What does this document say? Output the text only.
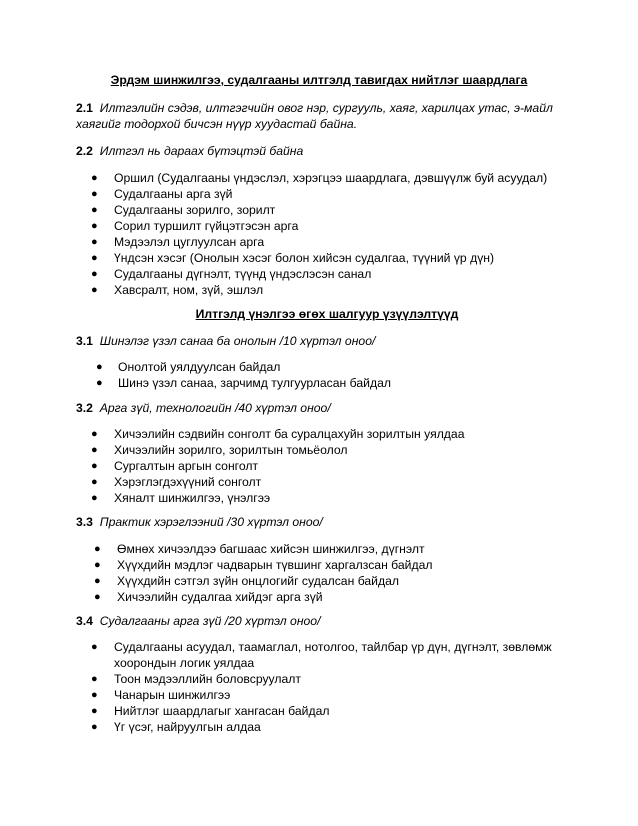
Эрдэм шинжилгээ, судалгааны илтгэлд тавигдах нийтлэг шаардлага
2.1 Илтгэлийн сэдэв, илтгэгчийн овог нэр, сургууль, хаяг, харилцах утас, э-майл
хаягийг тодорхой бичсэн нүүр хуудастай байна.
2.2 Илтгэл нь дараах бүтэцтэй байна
● Оршил (Судалгааны үндэслэл, хэрэгцээ шаардлага, дэвшүүлж буй асуудал)
● Судалгааны арга зүй
● Судалгааны зорилго, зорилт
● Сорил туршилт гүйцэтгэсэн арга
● Мэдээлэл цуглуулсан арга
● Үндсэн хэсэг (Онолын хэсэг болон хийсэн судалгаа, түүний үр дүн)
● Судалгааны дүгнэлт, түүнд үндэслэсэн санал
● Хавсралт, ном, зүй, эшлэл
Илтгэлд үнэлгээ өгөх шалгуур үзүүлэлтүүд
3.1 Шинэлэг үзэл санаа ба онолын /10 хүртэл оноо/
● Онолтой уялдуулсан байдал
● Шинэ үзэл санаа, зарчимд тулгуурласан байдал
3.2 Арга зүй, технологийн /40 хүртэл оноо/
● Хичээлийн сэдвийн сонголт ба суралцахуйн зорилтын уялдаа
● Хичээлийн зорилго, зорилтын томьёолол
● Сургалтын аргын сонголт
● Хэрэглэгдэхүүний сонголт
● Хяналт шинжилгээ, үнэлгээ
3.3 Практик хэрэглээний /30 хүртэл оноо/
● Өмнөх хичээлдээ багшаас хийсэн шинжилгээ, дүгнэлт
● Хүүхдийн мэдлэг чадварын түвшинг харгалзсан байдал
● Хүүхдийн сэтгэл зүйн онцлогийг судалсан байдал
● Хичээлийн судалгаа хийдэг арга зүй
3.4 Судалгааны арга зүй /20 хүртэл оноо/
● Судалгааны асуудал, таамаглал, нотолгоо, тайлбар үр дүн, дүгнэлт, зөвлөмж
хоорондын логик уялдаа
● Тоон мэдээллийн боловсруулалт
● Чанарын шинжилгээ
● Нийтлэг шаардлагыг хангасан байдал
● Үг үсэг, найруулгын алдаа
